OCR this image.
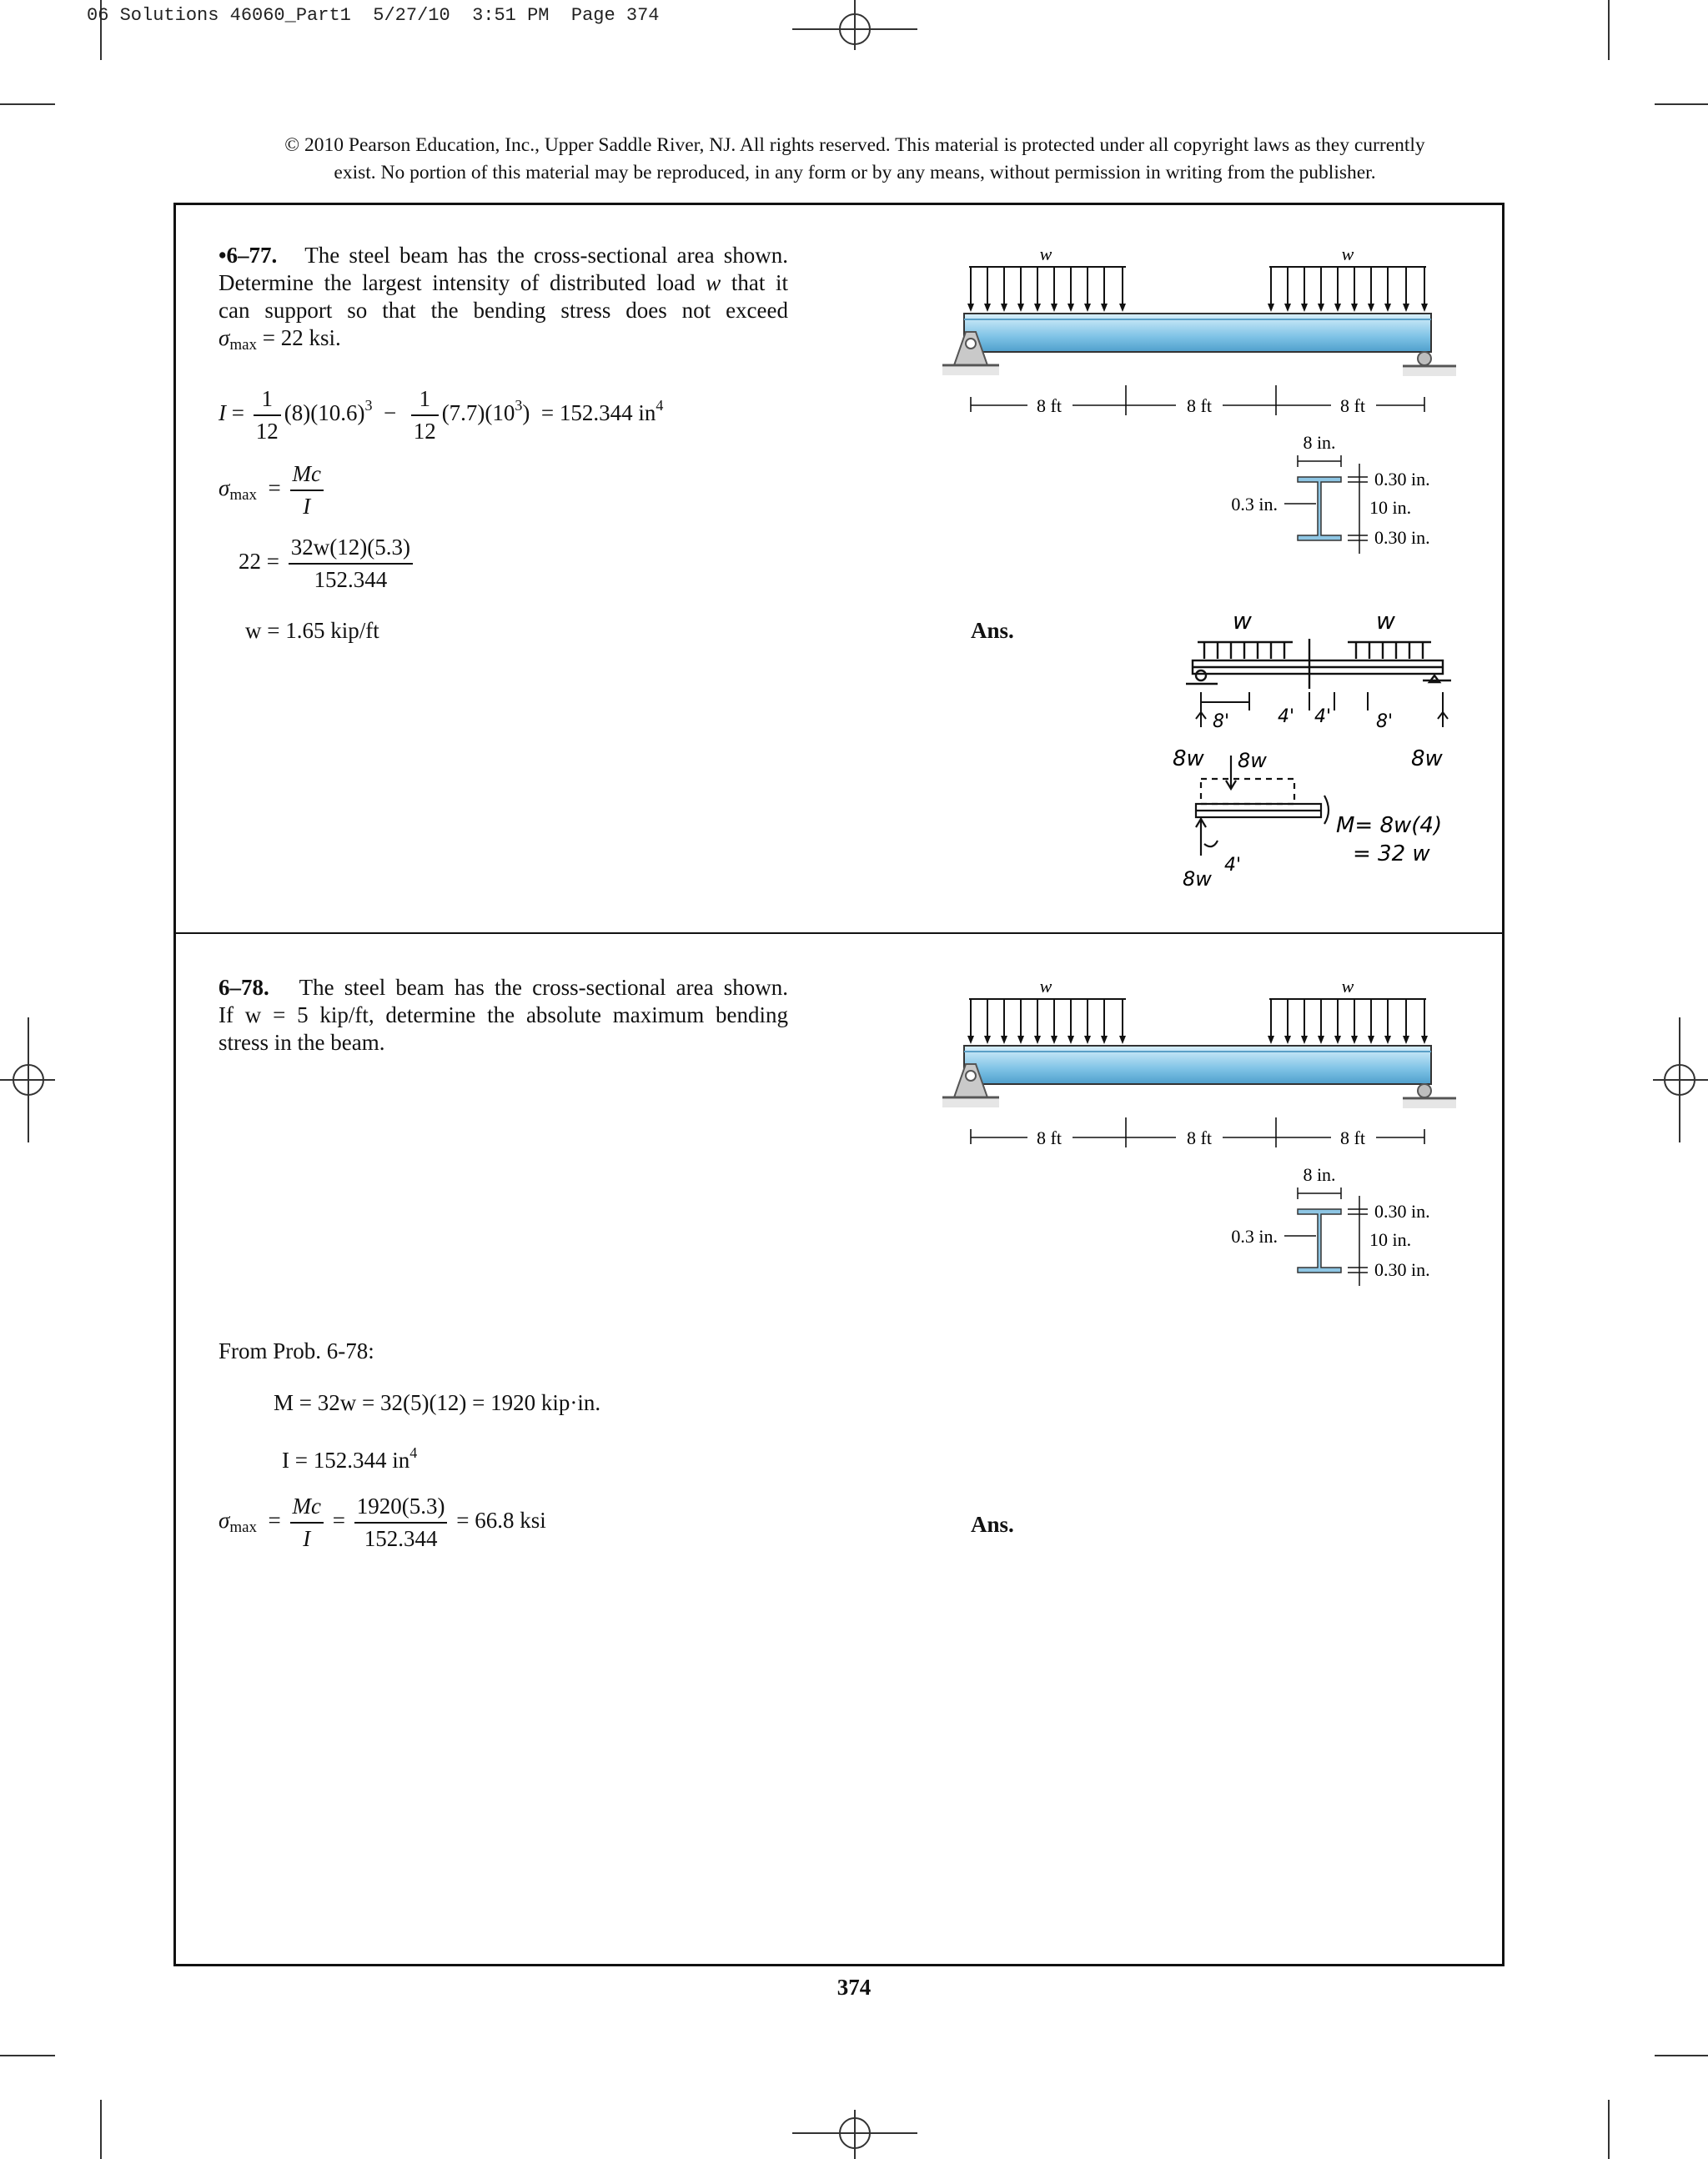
06 Solutions 46060_Part1  5/27/10  3:51 PM  Page 374
© 2010 Pearson Education, Inc., Upper Saddle River, NJ. All rights reserved. This material is protected under all copyright laws as they currently
exist. No portion of this material may be reproduced, in any form or by any means, without permission in writing from the publisher.
•6–77. The steel beam has the cross-sectional area shown.
Determine the largest intensity of distributed load w that it
can support so that the bending stress does not exceed
$\sigma_{max} = 22$ ksi.
$I = \frac{1}{12} (8)(10.6)^3 - \frac{1}{12} (7.7)(10^3) = 152.344$ $in^4$
$\sigma_{max} = \frac{Mc}{I}$
$22 = \frac{32w(12)(5.3)}{152.344}$
w = 1.65 kip/ft	Ans.
w	w
8 ft	8 ft	8 ft
8 in.
0.3 in.
0.30 in.
10 in.
0.30 in.
w	w
8'	4' 4' 8'
8w	8w
8w
8w
4'
M= 8w(4)
= 32 w
6–78. The steel beam has the cross-sectional area shown.
If w = 5 kip/ft, determine the absolute maximum bending
stress in the beam.
w	w
8 ft	8 ft	8 ft
8 in.
0.3 in.
0.30 in.
10 in.
0.30 in.
From Prob. 6-78:
M = 32w = 32(5)(12) = 1920 kip·in.
I = 152.344 $in^4$
$\sigma_{max} = \frac{Mc}{I} = \frac{1920(5.3)}{152.344} = 66.8$ ksi	Ans.
374
